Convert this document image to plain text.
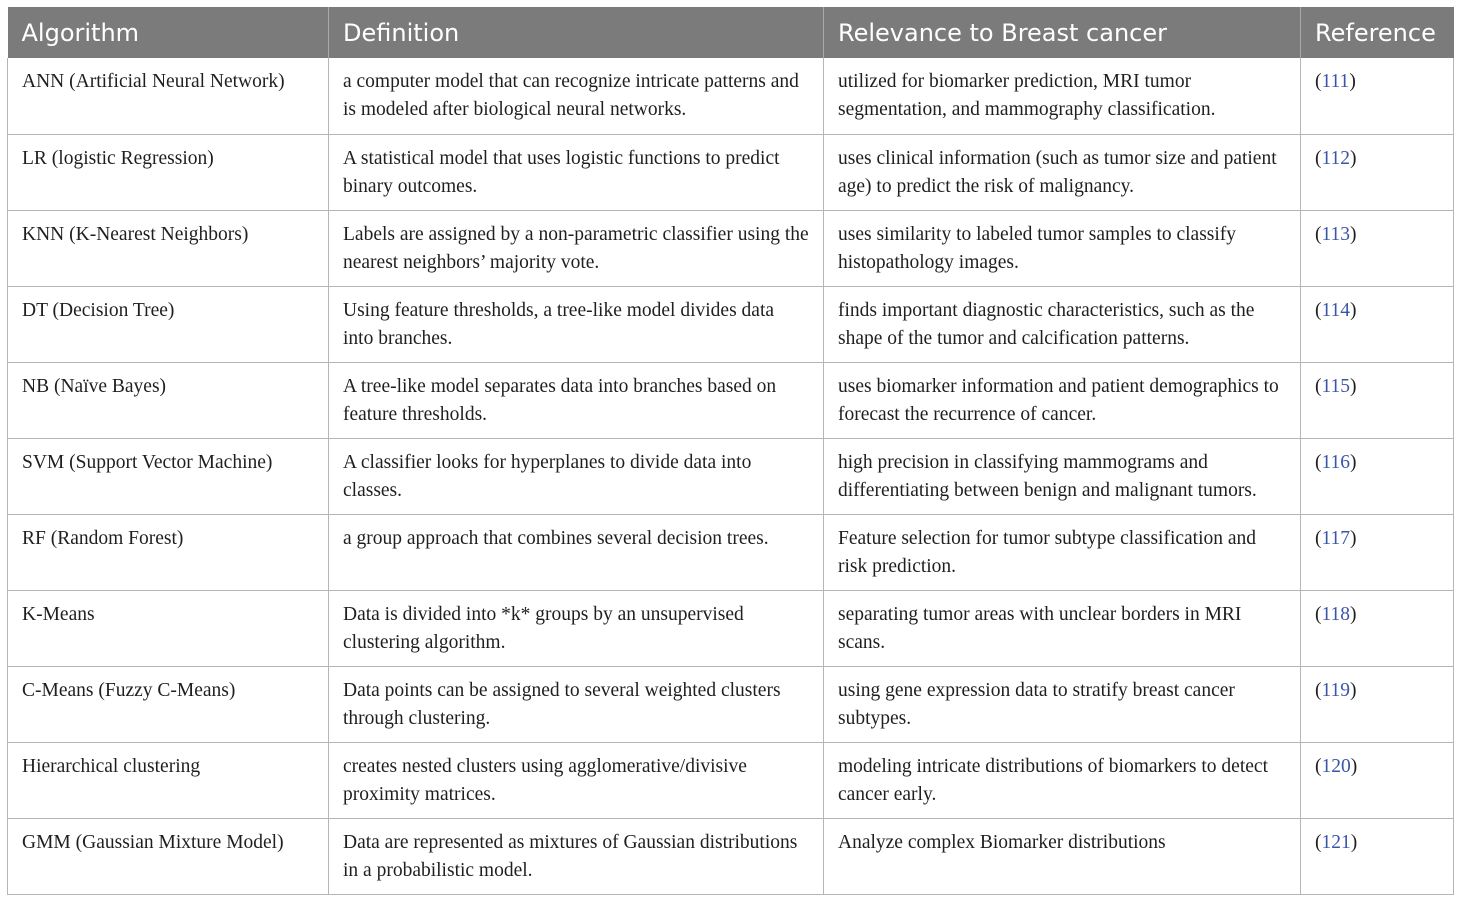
Algorithm	Definition	Relevance to Breast cancer	Reference
ANN (Artificial Neural Network)	a computer model that can recognize intricate patterns and is modeled after biological neural networks.	utilized for biomarker prediction, MRI tumor segmentation, and mammography classification.	(111)
LR (logistic Regression)	A statistical model that uses logistic functions to predict binary outcomes.	uses clinical information (such as tumor size and patient age) to predict the risk of malignancy.	(112)
KNN (K-Nearest Neighbors)	Labels are assigned by a non-parametric classifier using the nearest neighbors’ majority vote.	uses similarity to labeled tumor samples to classify histopathology images.	(113)
DT (Decision Tree)	Using feature thresholds, a tree-like model divides data into branches.	finds important diagnostic characteristics, such as the shape of the tumor and calcification patterns.	(114)
NB (Naïve Bayes)	A tree-like model separates data into branches based on feature thresholds.	uses biomarker information and patient demographics to forecast the recurrence of cancer.	(115)
SVM (Support Vector Machine)	A classifier looks for hyperplanes to divide data into classes.	high precision in classifying mammograms and differentiating between benign and malignant tumors.	(116)
RF (Random Forest)	a group approach that combines several decision trees.	Feature selection for tumor subtype classification and risk prediction.	(117)
K-Means	Data is divided into *k* groups by an unsupervised clustering algorithm.	separating tumor areas with unclear borders in MRI scans.	(118)
C-Means (Fuzzy C-Means)	Data points can be assigned to several weighted clusters through clustering.	using gene expression data to stratify breast cancer subtypes.	(119)
Hierarchical clustering	creates nested clusters using agglomerative/divisive proximity matrices.	modeling intricate distributions of biomarkers to detect cancer early.	(120)
GMM (Gaussian Mixture Model)	Data are represented as mixtures of Gaussian distributions in a probabilistic model.	Analyze complex Biomarker distributions	(121)
